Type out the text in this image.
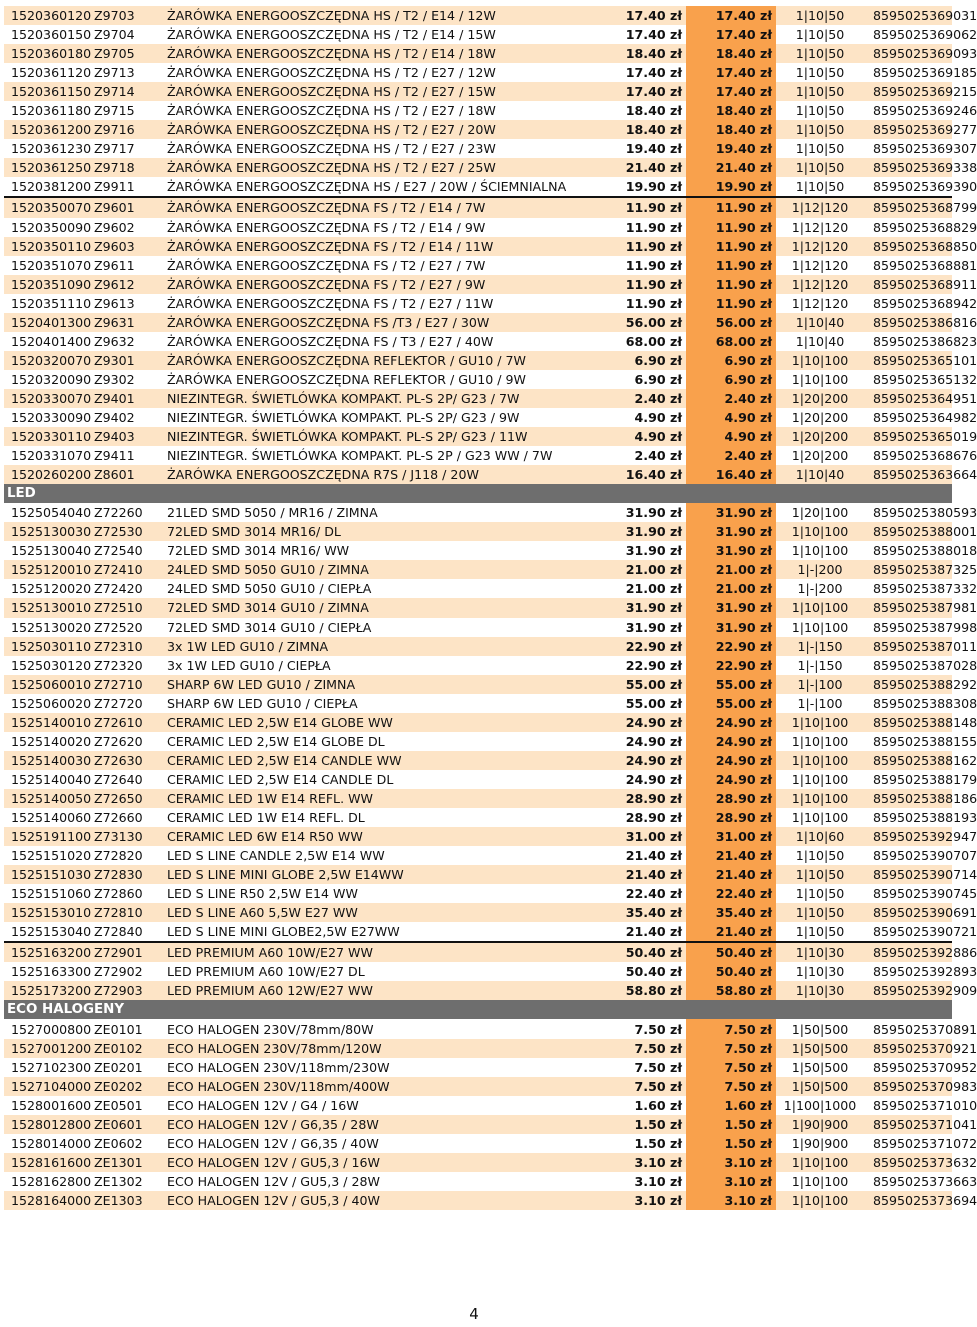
1520360120	Z9703	ŻARÓWKA ENERGOOSZCZĘDNA HS / T2 / E14 / 12W	17.40 zł	17.40 zł	1|10|50	8595025369031
1520360150	Z9704	ŻARÓWKA ENERGOOSZCZĘDNA HS / T2 / E14 / 15W	17.40 zł	17.40 zł	1|10|50	8595025369062
1520360180	Z9705	ŻARÓWKA ENERGOOSZCZĘDNA HS / T2 / E14 / 18W	18.40 zł	18.40 zł	1|10|50	8595025369093
1520361120	Z9713	ŻARÓWKA ENERGOOSZCZĘDNA HS / T2 / E27 / 12W	17.40 zł	17.40 zł	1|10|50	8595025369185
1520361150	Z9714	ŻARÓWKA ENERGOOSZCZĘDNA HS / T2 / E27 / 15W	17.40 zł	17.40 zł	1|10|50	8595025369215
1520361180	Z9715	ŻARÓWKA ENERGOOSZCZĘDNA HS / T2 / E27 / 18W	18.40 zł	18.40 zł	1|10|50	8595025369246
1520361200	Z9716	ŻARÓWKA ENERGOOSZCZĘDNA HS / T2 / E27 / 20W	18.40 zł	18.40 zł	1|10|50	8595025369277
1520361230	Z9717	ŻARÓWKA ENERGOOSZCZĘDNA HS / T2 / E27 / 23W	19.40 zł	19.40 zł	1|10|50	8595025369307
1520361250	Z9718	ŻARÓWKA ENERGOOSZCZĘDNA HS / T2 / E27 / 25W	21.40 zł	21.40 zł	1|10|50	8595025369338
1520381200	Z9911	ŻARÓWKA ENERGOOSZCZĘDNA HS / E27 / 20W / ŚCIEMNIALNA	19.90 zł	19.90 zł	1|10|50	8595025369390
1520350070	Z9601	ŻARÓWKA ENERGOOSZCZĘDNA FS / T2 / E14 / 7W	11.90 zł	11.90 zł	1|12|120	8595025368799
1520350090	Z9602	ŻARÓWKA ENERGOOSZCZĘDNA FS / T2 / E14 / 9W	11.90 zł	11.90 zł	1|12|120	8595025368829
1520350110	Z9603	ŻARÓWKA ENERGOOSZCZĘDNA FS / T2 / E14 / 11W	11.90 zł	11.90 zł	1|12|120	8595025368850
1520351070	Z9611	ŻARÓWKA ENERGOOSZCZĘDNA FS / T2 / E27 / 7W	11.90 zł	11.90 zł	1|12|120	8595025368881
1520351090	Z9612	ŻARÓWKA ENERGOOSZCZĘDNA FS / T2 / E27 / 9W	11.90 zł	11.90 zł	1|12|120	8595025368911
1520351110	Z9613	ŻARÓWKA ENERGOOSZCZĘDNA FS / T2 / E27 / 11W	11.90 zł	11.90 zł	1|12|120	8595025368942
1520401300	Z9631	ŻARÓWKA ENERGOOSZCZĘDNA FS /T3 / E27 / 30W	56.00 zł	56.00 zł	1|10|40	8595025386816
1520401400	Z9632	ŻARÓWKA ENERGOOSZCZĘDNA FS / T3 / E27 / 40W	68.00 zł	68.00 zł	1|10|40	8595025386823
1520320070	Z9301	ŻARÓWKA ENERGOOSZCZĘDNA REFLEKTOR / GU10 / 7W	6.90 zł	6.90 zł	1|10|100	8595025365101
1520320090	Z9302	ŻARÓWKA ENERGOOSZCZĘDNA REFLEKTOR / GU10 / 9W	6.90 zł	6.90 zł	1|10|100	8595025365132
1520330070	Z9401	NIEZINTEGR. ŚWIETLÓWKA KOMPAKT. PL-S 2P/ G23 / 7W	2.40 zł	2.40 zł	1|20|200	8595025364951
1520330090	Z9402	NIEZINTEGR. ŚWIETLÓWKA KOMPAKT. PL-S 2P/ G23 / 9W	4.90 zł	4.90 zł	1|20|200	8595025364982
1520330110	Z9403	NIEZINTEGR. ŚWIETLÓWKA KOMPAKT. PL-S 2P/ G23 / 11W	4.90 zł	4.90 zł	1|20|200	8595025365019
1520331070	Z9411	NIEZINTEGR. ŚWIETLÓWKA KOMPAKT. PL-S 2P / G23 WW / 7W	2.40 zł	2.40 zł	1|20|200	8595025368676
1520260200	Z8601	ŻARÓWKA ENERGOOSZCZĘDNA R7S / J118 / 20W	16.40 zł	16.40 zł	1|10|40	8595025363664
LED						
1525054040	Z72260	21LED SMD 5050 / MR16 / ZIMNA	31.90 zł	31.90 zł	1|20|100	8595025380593
1525130030	Z72530	72LED SMD 3014 MR16/ DL	31.90 zł	31.90 zł	1|10|100	8595025388001
1525130040	Z72540	72LED SMD 3014 MR16/ WW	31.90 zł	31.90 zł	1|10|100	8595025388018
1525120010	Z72410	24LED SMD 5050 GU10 / ZIMNA	21.00 zł	21.00 zł	1|-|200	8595025387325
1525120020	Z72420	24LED SMD 5050 GU10 / CIEPŁA	21.00 zł	21.00 zł	1|-|200	8595025387332
1525130010	Z72510	72LED SMD 3014 GU10 / ZIMNA	31.90 zł	31.90 zł	1|10|100	8595025387981
1525130020	Z72520	72LED SMD 3014 GU10 / CIEPŁA	31.90 zł	31.90 zł	1|10|100	8595025387998
1525030110	Z72310	3x 1W LED GU10 / ZIMNA	22.90 zł	22.90 zł	1|-|150	8595025387011
1525030120	Z72320	3x 1W LED GU10 / CIEPŁA	22.90 zł	22.90 zł	1|-|150	8595025387028
1525060010	Z72710	SHARP 6W LED GU10 / ZIMNA	55.00 zł	55.00 zł	1|-|100	8595025388292
1525060020	Z72720	SHARP 6W LED GU10 / CIEPŁA	55.00 zł	55.00 zł	1|-|100	8595025388308
1525140010	Z72610	CERAMIC LED 2,5W E14 GLOBE WW	24.90 zł	24.90 zł	1|10|100	8595025388148
1525140020	Z72620	CERAMIC LED 2,5W E14 GLOBE DL	24.90 zł	24.90 zł	1|10|100	8595025388155
1525140030	Z72630	CERAMIC LED 2,5W E14 CANDLE WW	24.90 zł	24.90 zł	1|10|100	8595025388162
1525140040	Z72640	CERAMIC LED 2,5W E14 CANDLE DL	24.90 zł	24.90 zł	1|10|100	8595025388179
1525140050	Z72650	CERAMIC LED 1W E14 REFL. WW	28.90 zł	28.90 zł	1|10|100	8595025388186
1525140060	Z72660	CERAMIC LED 1W E14 REFL. DL	28.90 zł	28.90 zł	1|10|100	8595025388193
1525191100	Z73130	CERAMIC LED 6W E14 R50 WW	31.00 zł	31.00 zł	1|10|60	8595025392947
1525151020	Z72820	LED S LINE CANDLE 2,5W E14 WW	21.40 zł	21.40 zł	1|10|50	8595025390707
1525151030	Z72830	LED S LINE MINI GLOBE 2,5W E14WW	21.40 zł	21.40 zł	1|10|50	8595025390714
1525151060	Z72860	LED S LINE R50 2,5W E14 WW	22.40 zł	22.40 zł	1|10|50	8595025390745
1525153010	Z72810	LED S LINE A60 5,5W E27 WW	35.40 zł	35.40 zł	1|10|50	8595025390691
1525153040	Z72840	LED S LINE MINI GLOBE2,5W E27WW	21.40 zł	21.40 zł	1|10|50	8595025390721
1525163200	Z72901	LED PREMIUM A60 10W/E27 WW	50.40 zł	50.40 zł	1|10|30	8595025392886
1525163300	Z72902	LED PREMIUM A60 10W/E27 DL	50.40 zł	50.40 zł	1|10|30	8595025392893
1525173200	Z72903	LED PREMIUM A60 12W/E27 WW	58.80 zł	58.80 zł	1|10|30	8595025392909
ECO HALOGENY						
1527000800	ZE0101	ECO HALOGEN 230V/78mm/80W	7.50 zł	7.50 zł	1|50|500	8595025370891
1527001200	ZE0102	ECO HALOGEN 230V/78mm/120W	7.50 zł	7.50 zł	1|50|500	8595025370921
1527102300	ZE0201	ECO HALOGEN 230V/118mm/230W	7.50 zł	7.50 zł	1|50|500	8595025370952
1527104000	ZE0202	ECO HALOGEN 230V/118mm/400W	7.50 zł	7.50 zł	1|50|500	8595025370983
1528001600	ZE0501	ECO HALOGEN 12V / G4 / 16W	1.60 zł	1.60 zł	1|100|1000	8595025371010
1528012800	ZE0601	ECO HALOGEN 12V / G6,35 / 28W	1.50 zł	1.50 zł	1|90|900	8595025371041
1528014000	ZE0602	ECO HALOGEN 12V / G6,35 / 40W	1.50 zł	1.50 zł	1|90|900	8595025371072
1528161600	ZE1301	ECO HALOGEN 12V / GU5,3 / 16W	3.10 zł	3.10 zł	1|10|100	8595025373632
1528162800	ZE1302	ECO HALOGEN 12V / GU5,3 / 28W	3.10 zł	3.10 zł	1|10|100	8595025373663
1528164000	ZE1303	ECO HALOGEN 12V / GU5,3 / 40W	3.10 zł	3.10 zł	1|10|100	8595025373694
4
